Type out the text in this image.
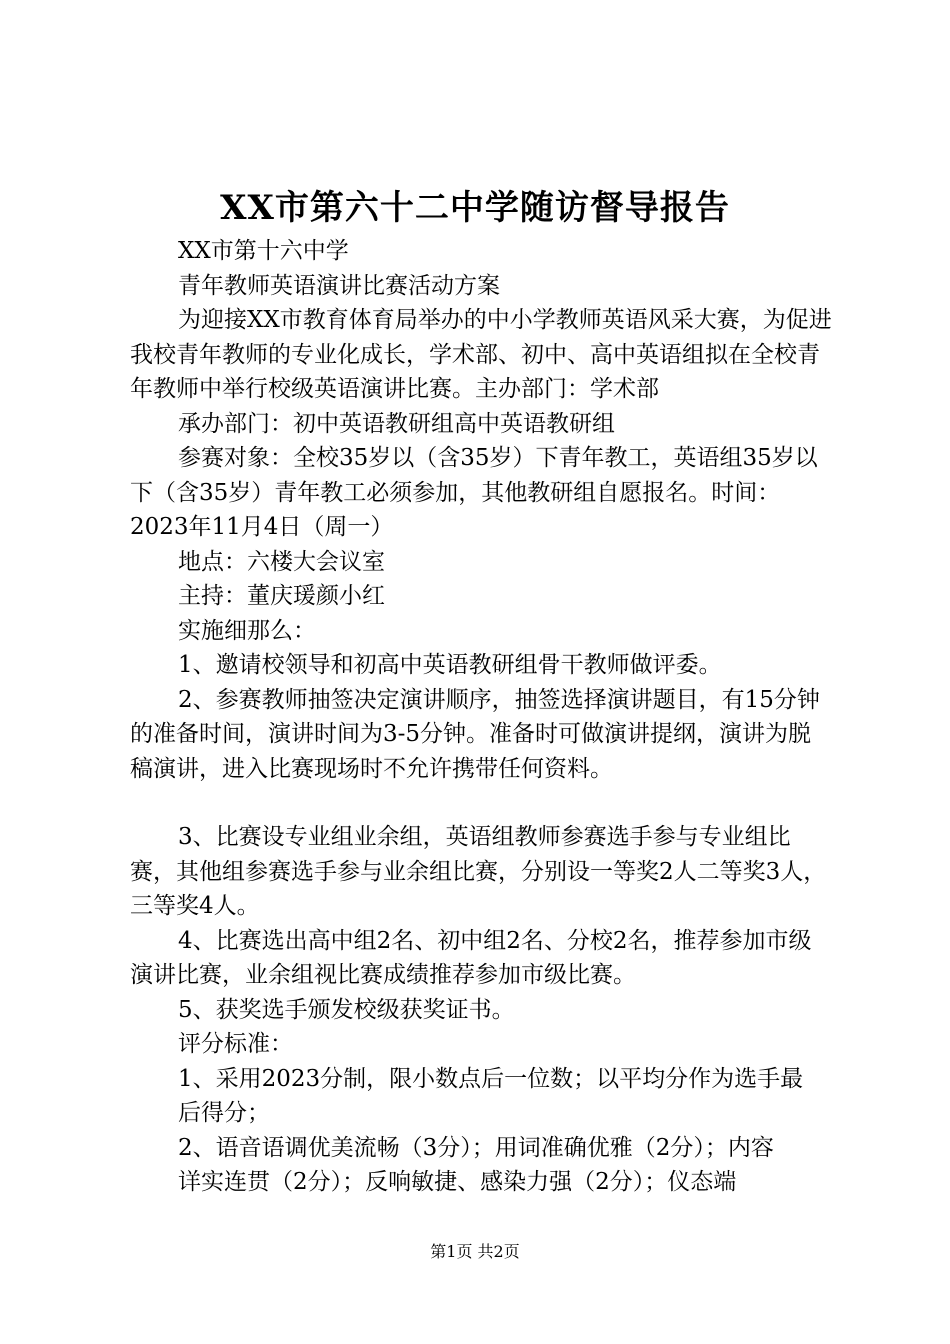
XX市第六十二中学随访督导报告

XX市第十六中学

青年教师英语演讲比赛活动方案

为迎接XX市教育体育局举办的中小学教师英语风采大赛，为促进我校青年教师的专业化成长，学术部、初中、高中英语组拟在全校青年教师中举行校级英语演讲比赛。主办部门：学术部

承办部门：初中英语教研组高中英语教研组

参赛对象：全校35岁以（含35岁）下青年教工，英语组35岁以下（含35岁）青年教工必须参加，其他教研组自愿报名。时间：2023年11月4日（周一）

地点：六楼大会议室

主持：董庆瑗颜小红

实施细那么：

1、邀请校领导和初高中英语教研组骨干教师做评委。

2、参赛教师抽签决定演讲顺序，抽签选择演讲题目，有15分钟的准备时间，演讲时间为3-5分钟。准备时可做演讲提纲，演讲为脱稿演讲，进入比赛现场时不允许携带任何资料。

3、比赛设专业组业余组，英语组教师参赛选手参与专业组比赛，其他组参赛选手参与业余组比赛，分别设一等奖2人二等奖3人，三等奖4人。

4、比赛选出高中组2名、初中组2名、分校2名，推荐参加市级演讲比赛，业余组视比赛成绩推荐参加市级比赛。

5、获奖选手颁发校级获奖证书。

评分标准：

1、采用2023分制，限小数点后一位数；以平均分作为选手最

后得分；

2、语音语调优美流畅（3分）；用词准确优雅（2分）；内容

详实连贯（2分）；反响敏捷、感染力强（2分）；仪态端

第1页 共2页
